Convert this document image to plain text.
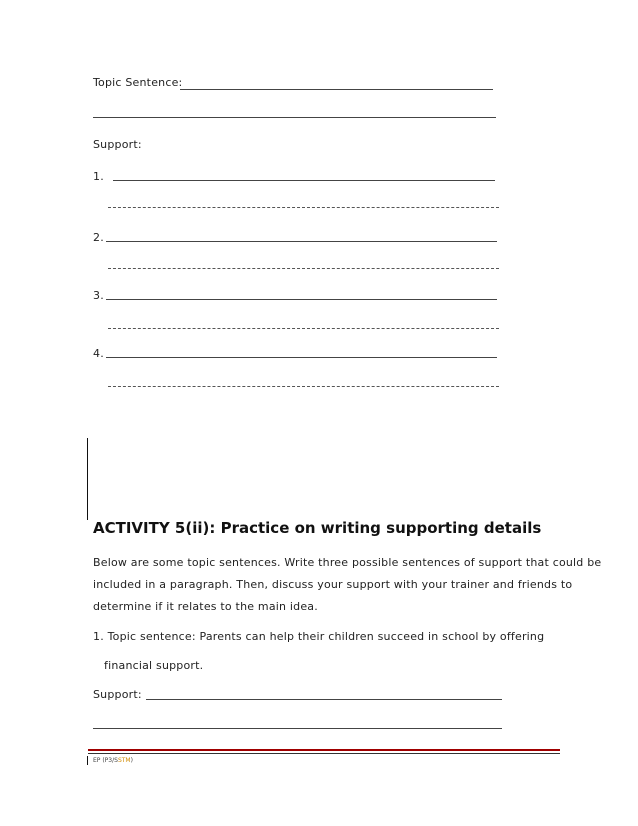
Topic Sentence:
Support:
1.
2.
3.
4.
ACTIVITY 5(ii): Practice on writing supporting details
Below are some topic sentences. Write three possible sentences of support that could be
included in a paragraph. Then, discuss your support with your trainer and friends to
determine if it relates to the main idea.
1. Topic sentence: Parents can help their children succeed in school by offering
financial support.
Support:
EP (P3/SSTM)
